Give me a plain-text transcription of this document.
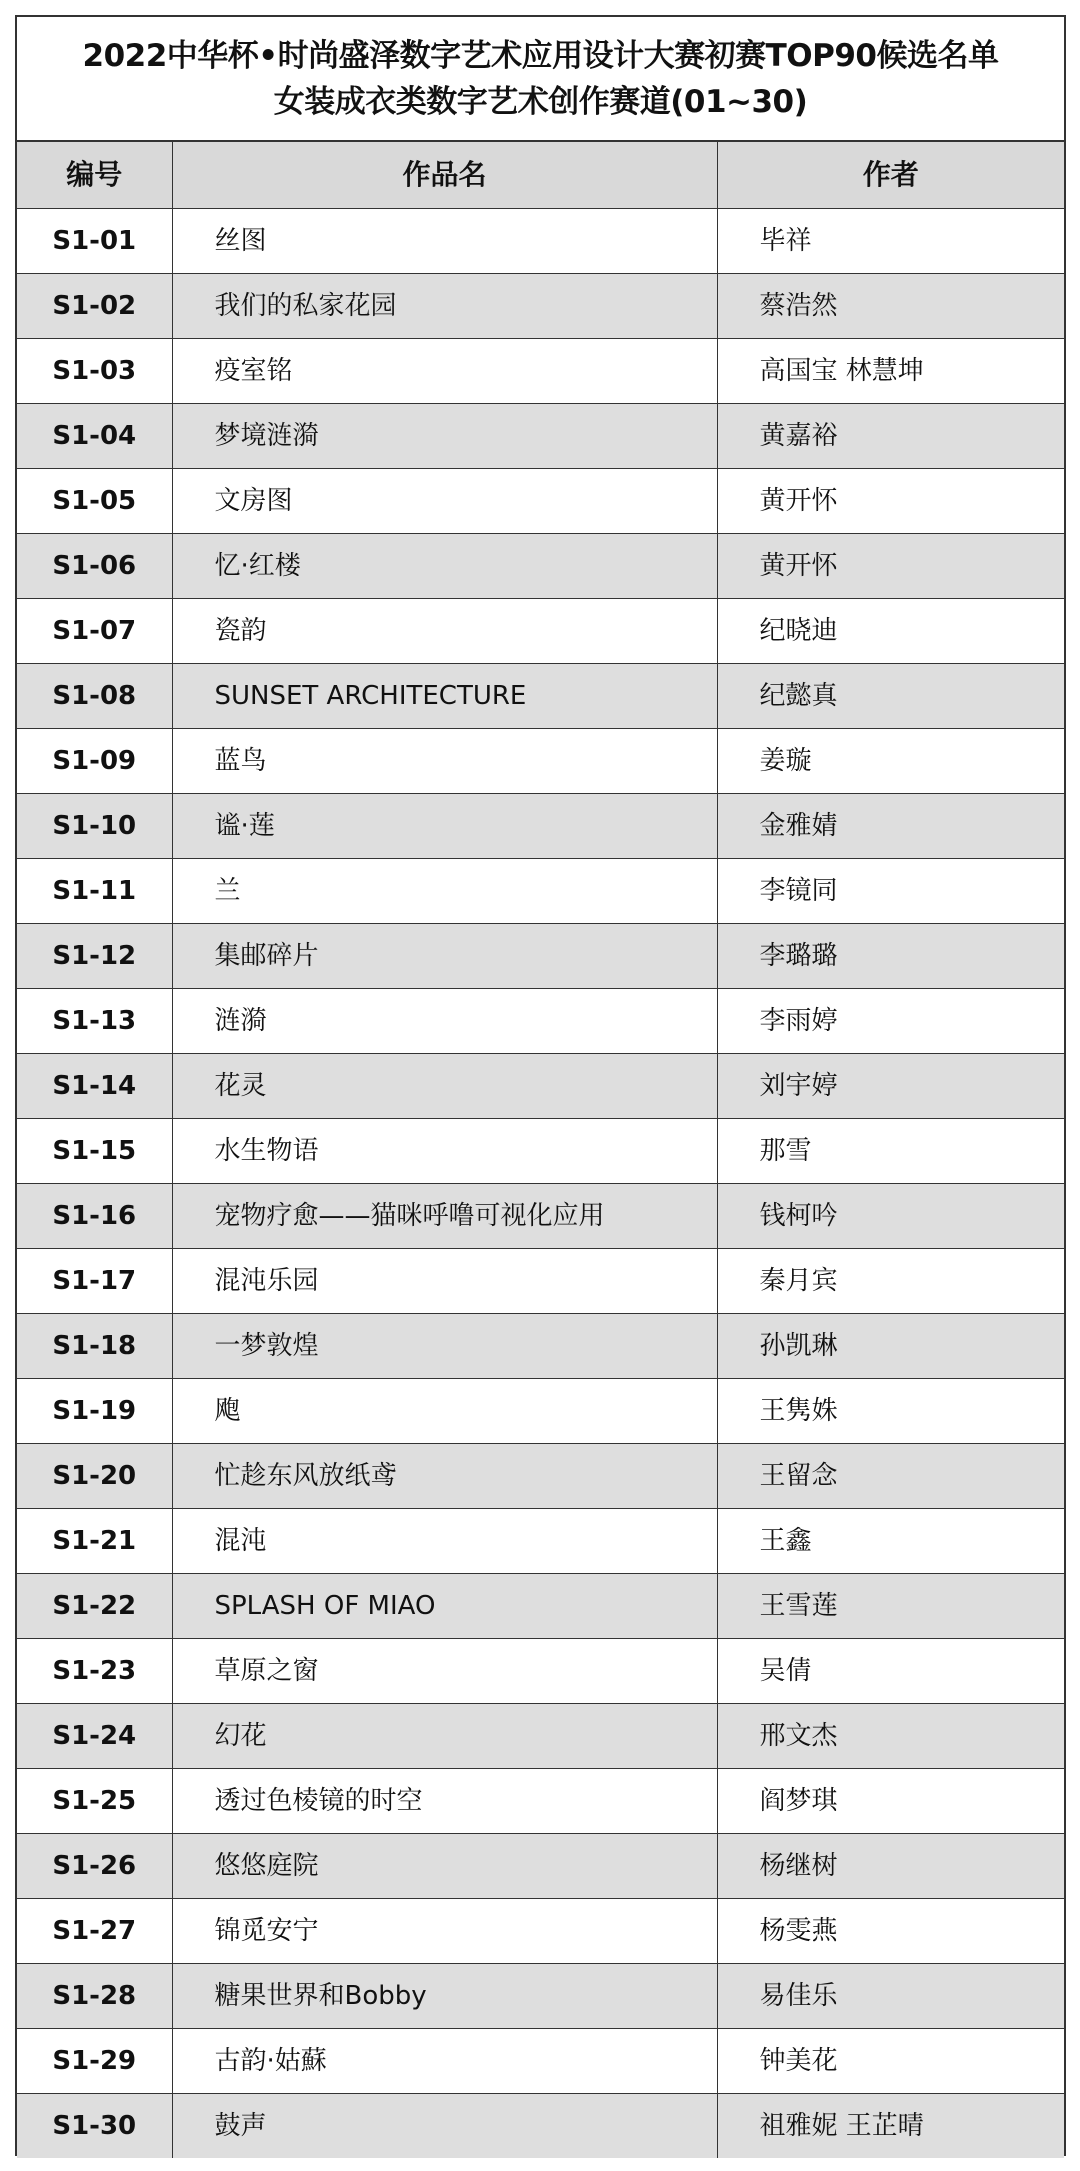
2022中华杯•时尚盛泽数字艺术应用设计大赛初赛TOP90候选名单
女装成衣类数字艺术创作赛道(01~30)
编号	作品名	作者
S1-01	丝图	毕祥
S1-02	我们的私家花园	蔡浩然
S1-03	疫室铭	高国宝 林慧坤
S1-04	梦境涟漪	黄嘉裕
S1-05	文房图	黄开怀
S1-06	忆·红楼	黄开怀
S1-07	瓷韵	纪晓迪
S1-08	SUNSET ARCHITECTURE	纪懿真
S1-09	蓝鸟	姜璇
S1-10	谧·莲	金雅婧
S1-11	兰	李镜同
S1-12	集邮碎片	李璐璐
S1-13	涟漪	李雨婷
S1-14	花灵	刘宇婷
S1-15	水生物语	那雪
S1-16	宠物疗愈——猫咪呼噜可视化应用	钱柯吟
S1-17	混沌乐园	秦月宾
S1-18	一梦敦煌	孙凯琳
S1-19	飑	王隽姝
S1-20	忙趁东风放纸鸢	王留念
S1-21	混沌	王鑫
S1-22	SPLASH OF MIAO	王雪莲
S1-23	草原之窗	吴倩
S1-24	幻花	邢文杰
S1-25	透过色棱镜的时空	阎梦琪
S1-26	悠悠庭院	杨继树
S1-27	锦觅安宁	杨雯燕
S1-28	糖果世界和Bobby	易佳乐
S1-29	古韵·姑蘇	钟美花
S1-30	鼓声	祖雅妮 王芷晴
